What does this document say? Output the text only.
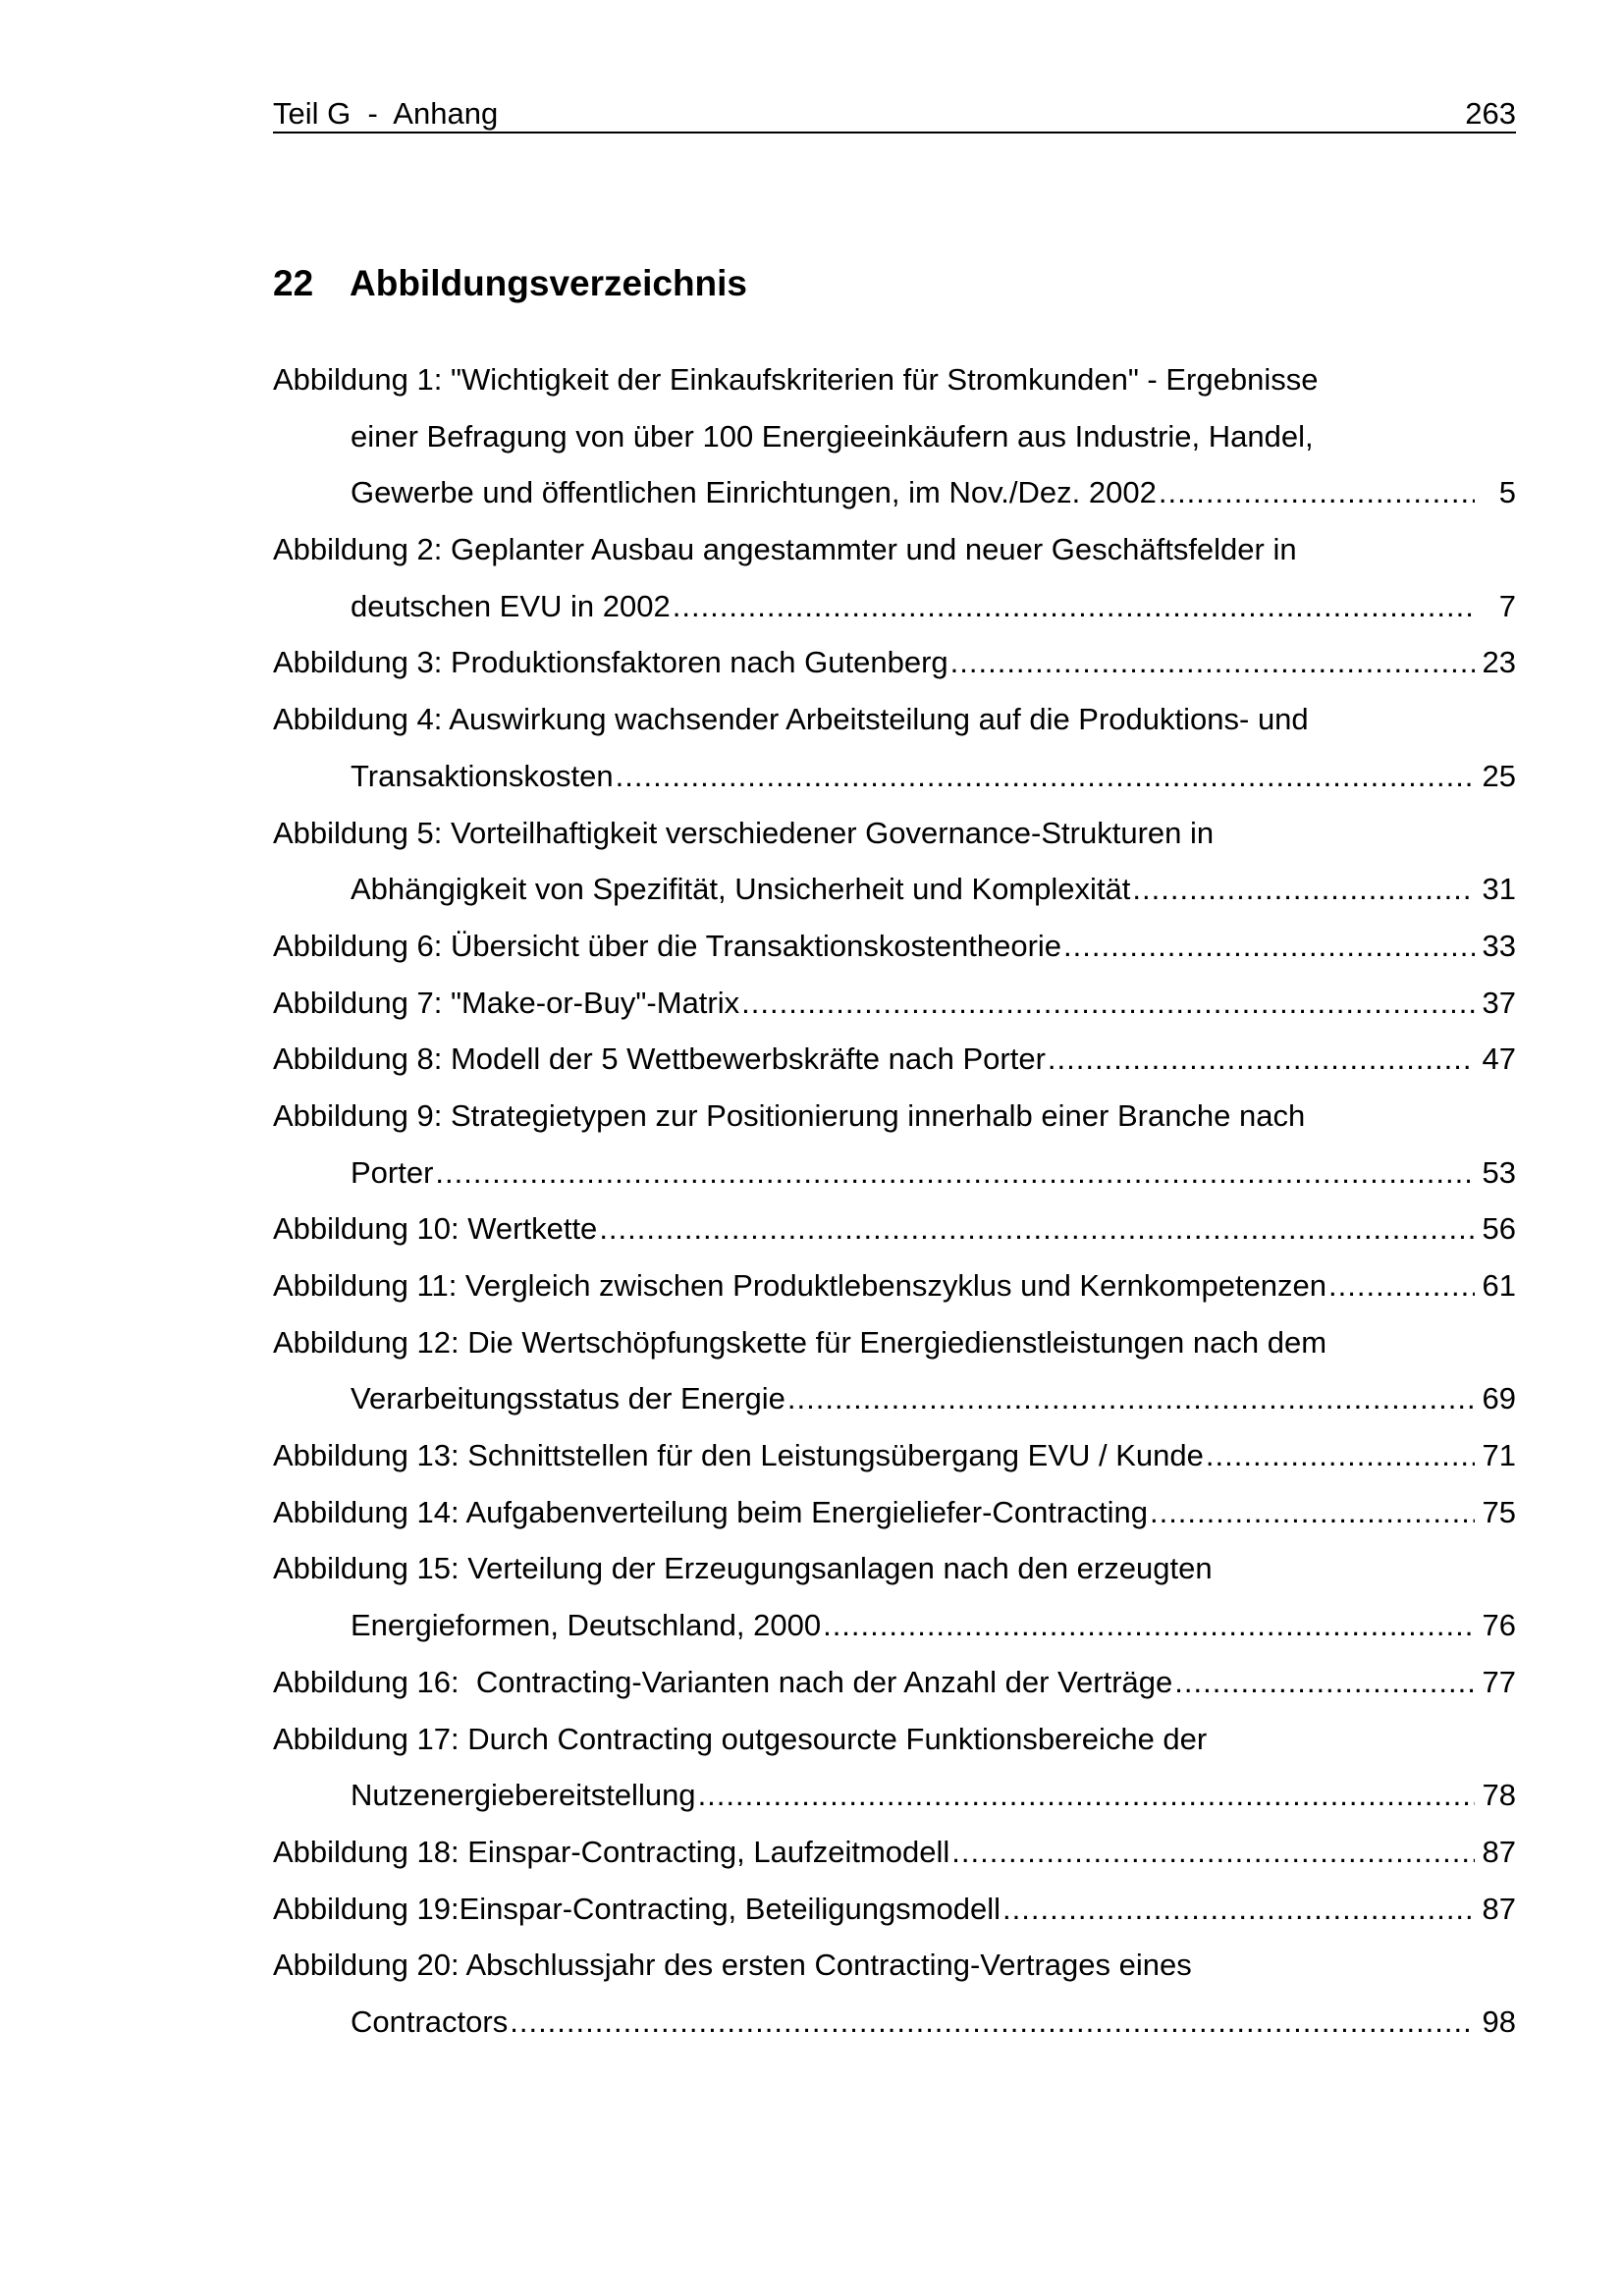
Teil G  -  Anhang	263
22 Abbildungsverzeichnis
Abbildung 1: "Wichtigkeit der Einkaufskriterien für Stromkunden" - Ergebnisse
einer Befragung von über 100 Energieeinkäufern aus Industrie, Handel,
Gewerbe und öffentlichen Einrichtungen, im Nov./Dez. 2002 .....	5
Abbildung 2: Geplanter Ausbau angestammter und neuer Geschäftsfelder in
deutschen EVU in 2002 .....	7
Abbildung 3: Produktionsfaktoren nach Gutenberg .....	23
Abbildung 4: Auswirkung wachsender Arbeitsteilung auf die Produktions- und
Transaktionskosten .....	25
Abbildung 5: Vorteilhaftigkeit verschiedener Governance-Strukturen in
Abhängigkeit von Spezifität, Unsicherheit und Komplexität .....	31
Abbildung 6: Übersicht über die Transaktionskostentheorie .....	33
Abbildung 7: "Make-or-Buy"-Matrix .....	37
Abbildung 8: Modell der 5 Wettbewerbskräfte nach Porter .....	47
Abbildung 9: Strategietypen zur Positionierung innerhalb einer Branche nach
Porter .....	53
Abbildung 10: Wertkette .....	56
Abbildung 11: Vergleich zwischen Produktlebenszyklus und Kernkompetenzen .....	61
Abbildung 12: Die Wertschöpfungskette für Energiedienstleistungen nach dem
Verarbeitungsstatus der Energie .....	69
Abbildung 13: Schnittstellen für den Leistungsübergang EVU / Kunde .....	71
Abbildung 14: Aufgabenverteilung beim Energieliefer-Contracting .....	75
Abbildung 15: Verteilung der Erzeugungsanlagen nach den erzeugten
Energieformen, Deutschland, 2000 .....	76
Abbildung 16:  Contracting-Varianten nach der Anzahl der Verträge .....	77
Abbildung 17: Durch Contracting outgesourcte Funktionsbereiche der
Nutzenergiebereitstellung .....	78
Abbildung 18: Einspar-Contracting, Laufzeitmodell .....	87
Abbildung 19:Einspar-Contracting, Beteiligungsmodell .....	87
Abbildung 20: Abschlussjahr des ersten Contracting-Vertrages eines
Contractors .....	98
